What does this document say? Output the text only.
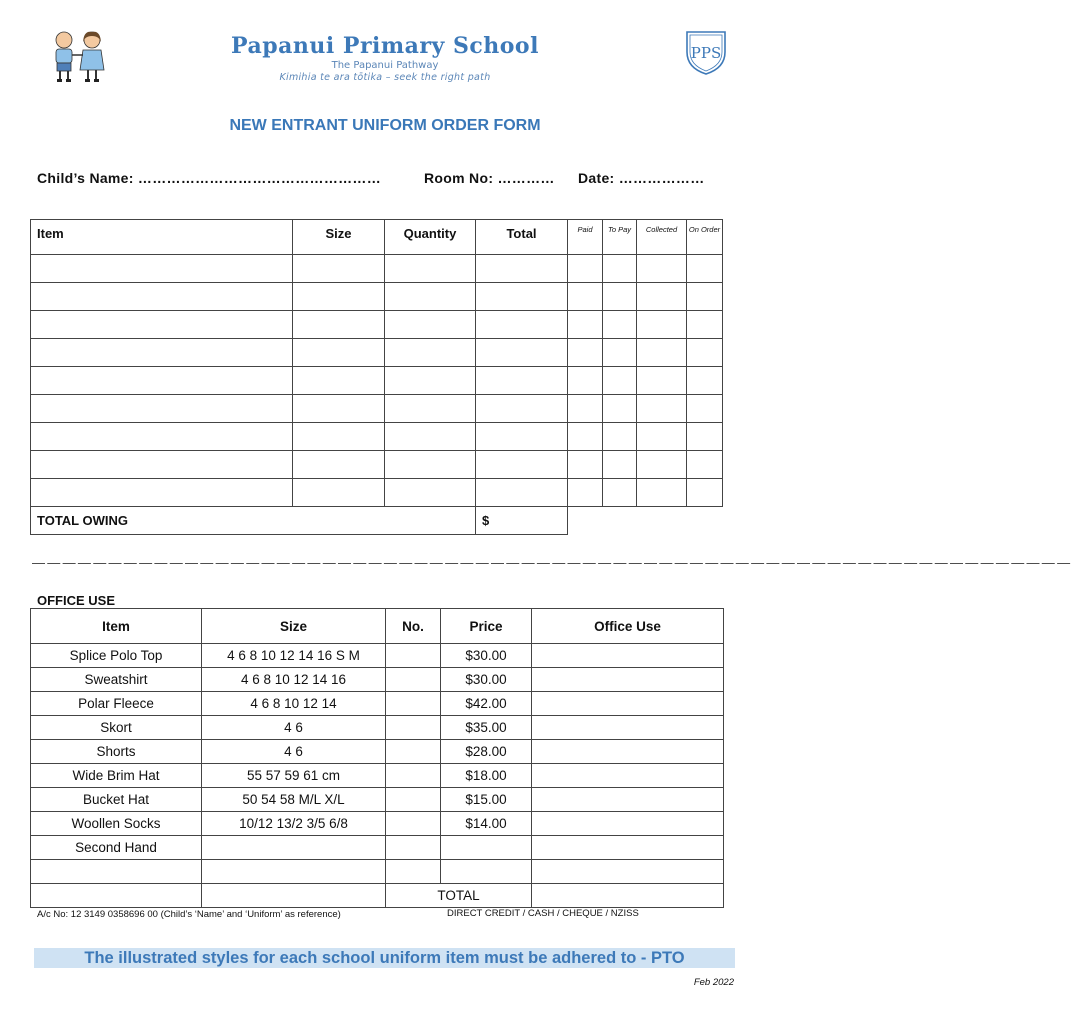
Papanui Primary School
The Papanui Pathway
Kimihia te ara tōtika – seek the right path
PPS
NEW ENTRANT UNIFORM ORDER FORM
Child’s Name: ……………………………………………	Room No: ………… Date: ………………
Item	Size	Quantity	Total	Paid	To Pay	Collected	On Order

TOTAL OWING			$				
————————————————————————————————————————————————————————————————————
OFFICE USE
Item	Size	No.	Price	Office Use
Splice Polo Top	4 6 8 10 12 14 16 S M		$30.00	
Sweatshirt	4 6 8 10 12 14 16		$30.00	
Polar Fleece	4 6 8 10 12 14		$42.00	
Skort	4 6		$35.00	
Shorts	4 6		$28.00	
Wide Brim Hat	55 57 59 61 cm		$18.00	
Bucket Hat	50 54 58 M/L X/L		$15.00	
Woollen Socks	10/12 13/2 3/5 6/8		$14.00	
Second Hand				

		TOTAL		
A/c No: 12 3149 0358696 00 (Child’s ‘Name’ and ‘Uniform’ as reference)	DIRECT CREDIT / CASH / CHEQUE / NZISS
The illustrated styles for each school uniform item must be adhered to - PTO
Feb 2022
